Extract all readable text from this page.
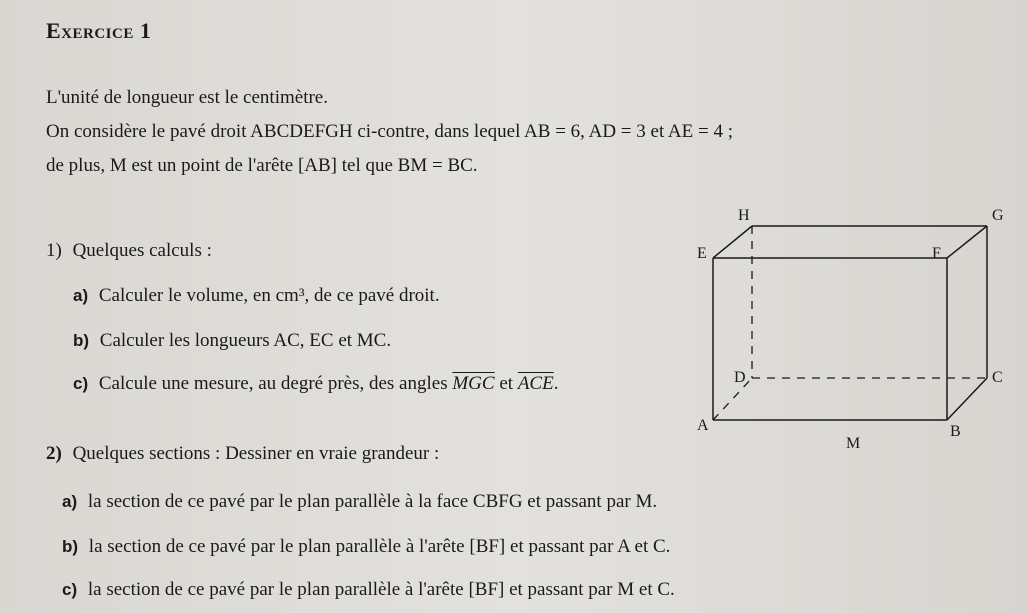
Exercice 1
L'unité de longueur est le centimètre.
On considère le pavé droit ABCDEFGH ci-contre, dans lequel AB = 6, AD = 3 et AE = 4 ;
de plus, M est un point de l'arête [AB] tel que BM = BC.
1) Quelques calculs :
a) Calculer le volume, en cm³, de ce pavé droit.
b) Calculer les longueurs AC, EC et MC.
c) Calcule une mesure, au degré près, des angles $\overline{MGC}$ et $\overline{ACE}$.
2) Quelques sections : Dessiner en vraie grandeur :
a) la section de ce pavé par le plan parallèle à la face CBFG et passant par M.
b) la section de ce pavé par le plan parallèle à l'arête [BF] et passant par A et C.
c) la section de ce pavé par le plan parallèle à l'arête [BF] et passant par M et C.
H	G
E	F
D	C
A	B
M
